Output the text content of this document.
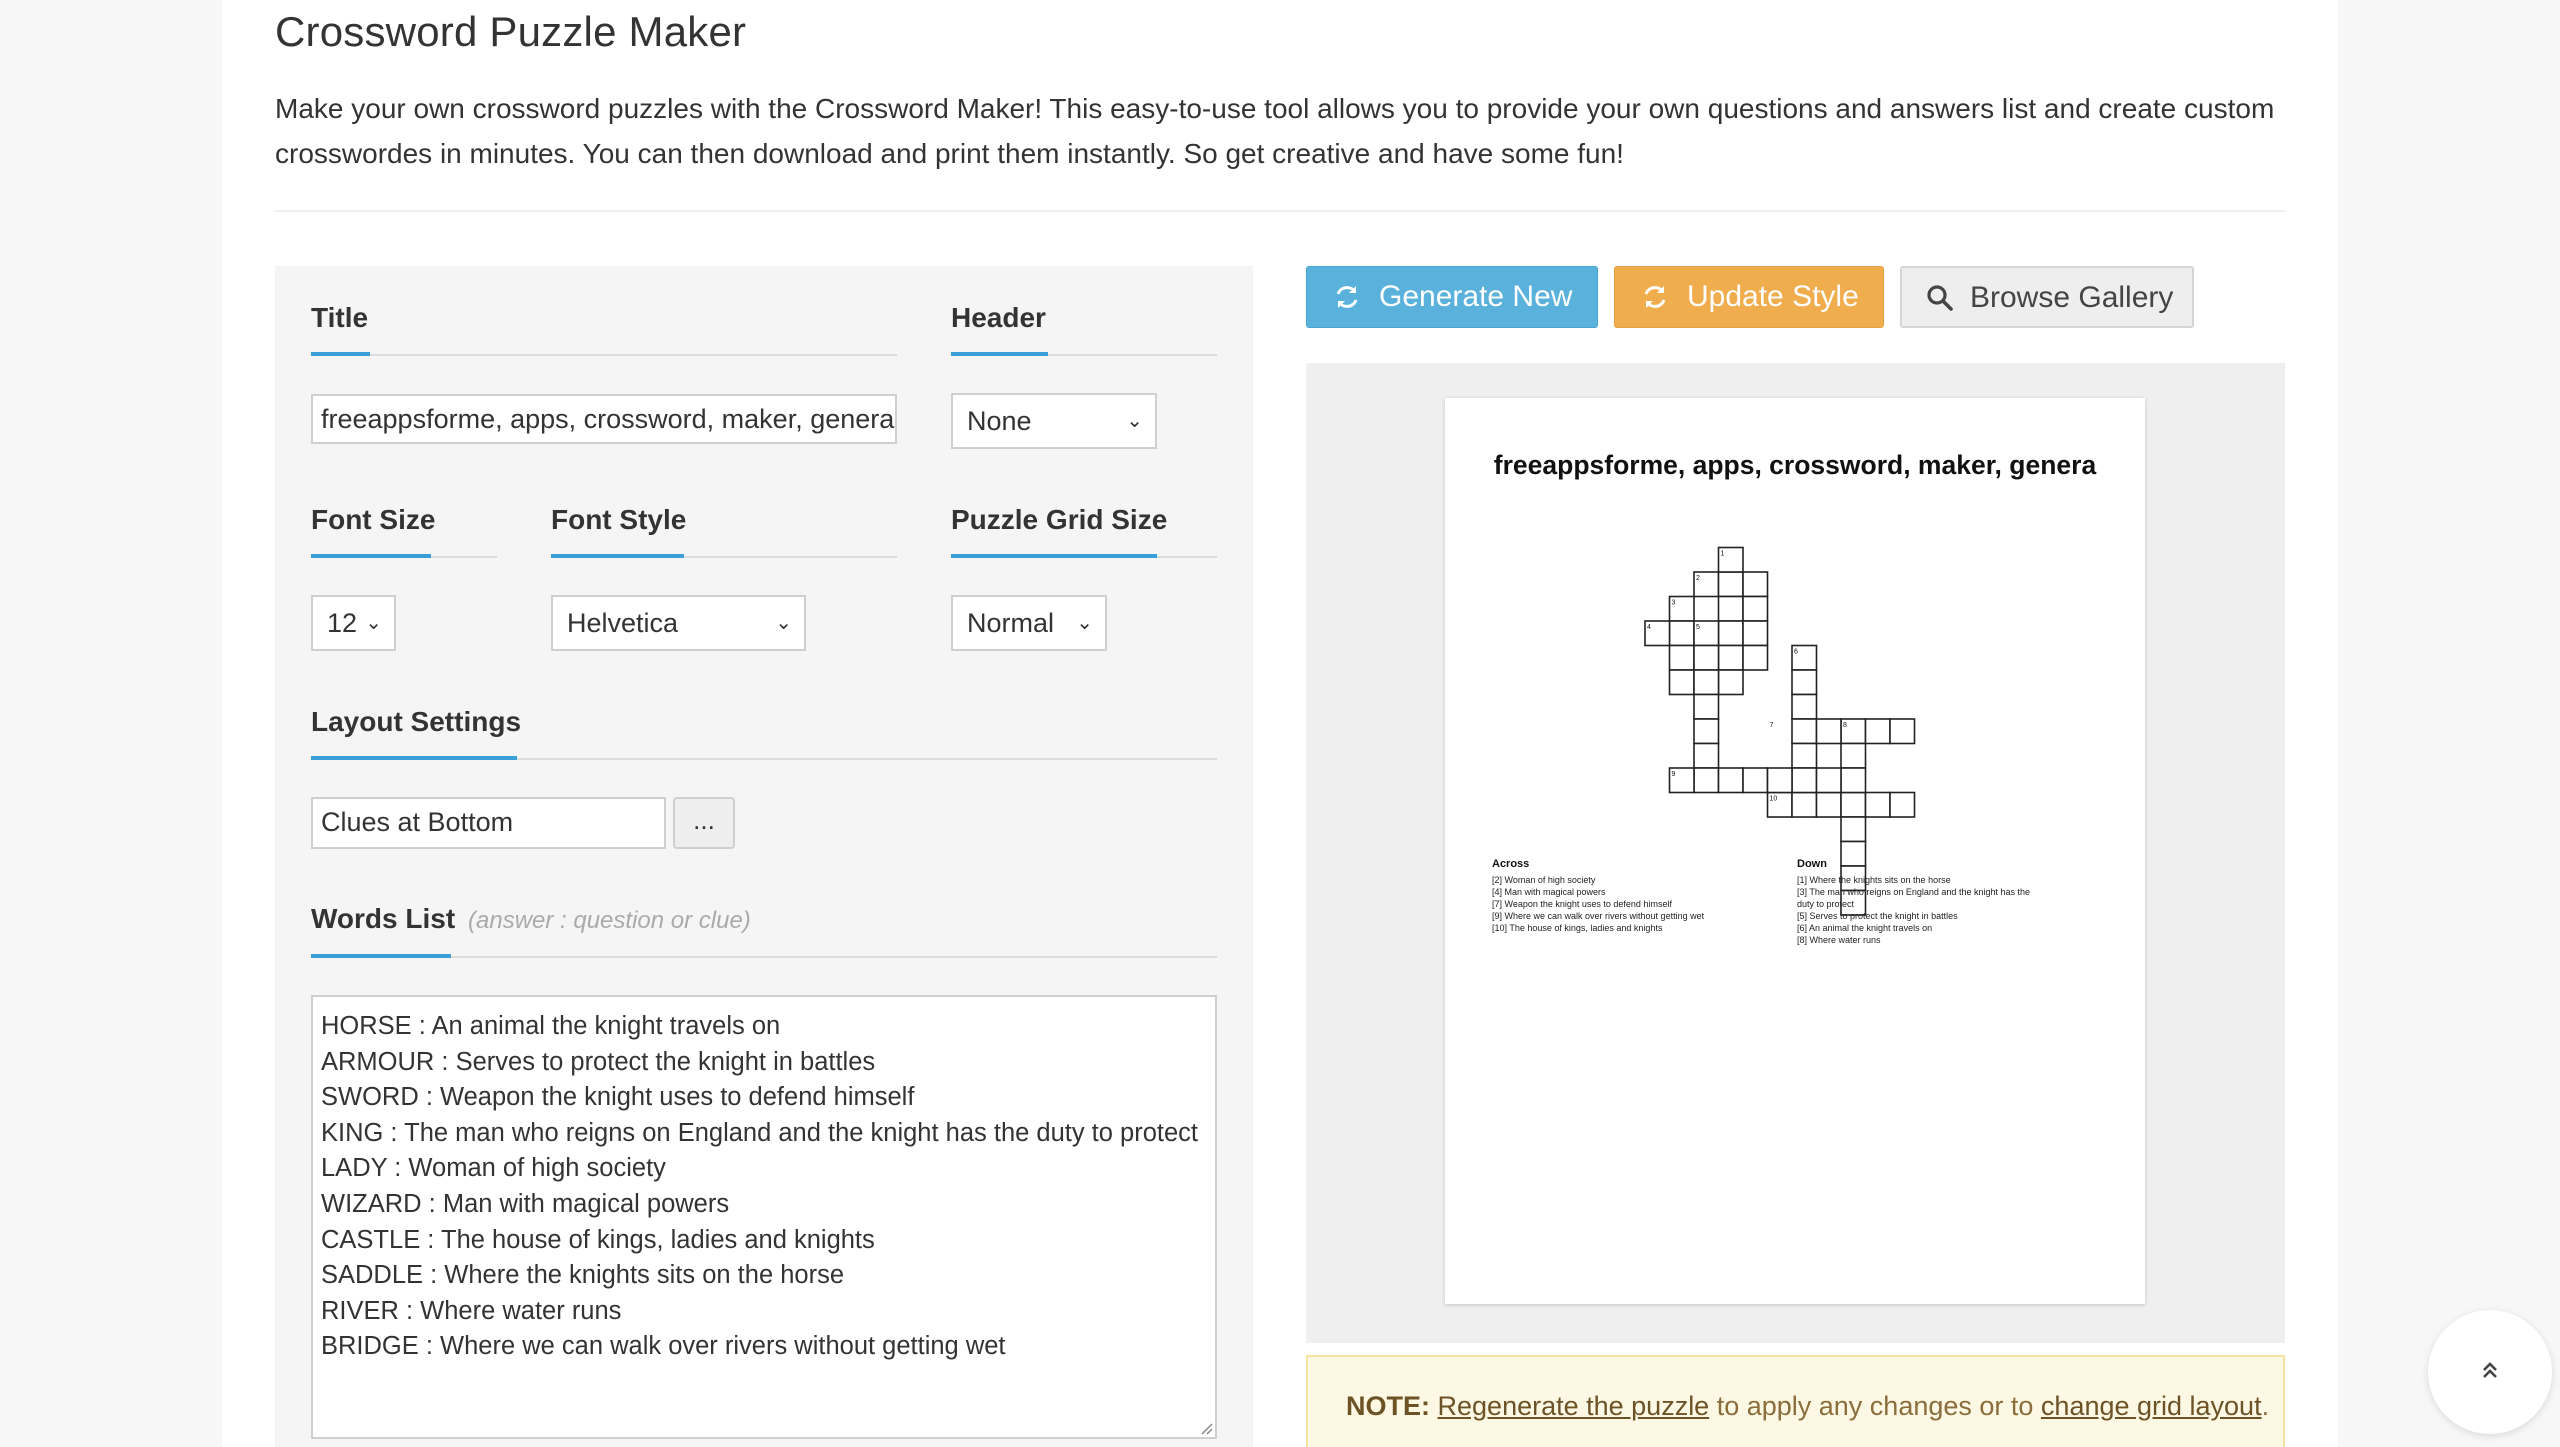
Crossword Puzzle Maker
Make your own crossword puzzles with the Crossword Maker! This easy-to-use tool allows you to provide your own questions and answers list and create custom crosswordes in minutes. You can then download and print them instantly. So get creative and have some fun!
Title
freeappsforme, apps, crossword, maker, genera
Header
None	⌄
Font Size
12 ⌄
Font Style
Helvetica	⌄
Puzzle Grid Size
Normal ⌄
Layout Settings
Clues at Bottom	...
Words List (answer : question or clue)
HORSE : An animal the knight travels on
ARMOUR : Serves to protect the knight in battles
SWORD : Weapon the knight uses to defend himself
KING : The man who reigns on England and the knight has the duty to protect
LADY : Woman of high society
WIZARD : Man with magical powers
CASTLE : The house of kings, ladies and knights
SADDLE : Where the knights sits on the horse
RIVER : Where water runs
BRIDGE : Where we can walk over rivers without getting wet
Generate New	Update Style	Browse Gallery
freeappsforme, apps, crossword, maker, genera
1
2
3
4	5
6
7	8
9
10
Across
[2] Woman of high society
[4] Man with magical powers
[7] Weapon the knight uses to defend himself
[9] Where we can walk over rivers without getting wet
[10] The house of kings, ladies and knights
Down
[1] Where the knights sits on the horse
[3] The man who reigns on England and the knight has the
duty to protect
[5] Serves to protect the knight in battles
[6] An animal the knight travels on
[8] Where water runs
NOTE: Regenerate the puzzle to apply any changes or to change grid layout.
